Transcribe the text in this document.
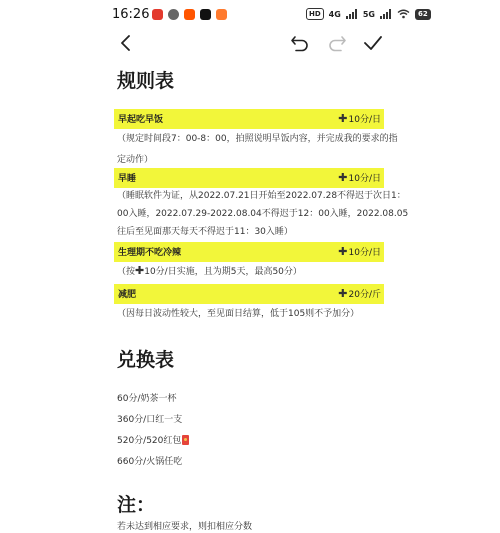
16:26	HD	4G	5G	62
规则表
早起吃早饭	✚ 10分/日
（规定时间段7：00-8：00，拍照说明早饭内容，并完成我的要求的指
定动作）
早睡	✚ 10分/日
（睡眠软件为证，从2022.07.21日开始至2022.07.28不得迟于次日1：
00入睡，2022.07.29-2022.08.04不得迟于12：00入睡，2022.08.05
往后至见面那天每天不得迟于11：30入睡）
生理期不吃冷辣	✚ 10分/日
（按✚10分/日实施，且为期5天，最高50分）
减肥	✚ 20分/斤
（因每日波动性较大，至见面日结算，低于105则不予加分）
兑换表
60分/奶茶一杯
360分/口红一支
520分/520红包
660分/火锅任吃
注：
若未达到相应要求，则扣相应分数
